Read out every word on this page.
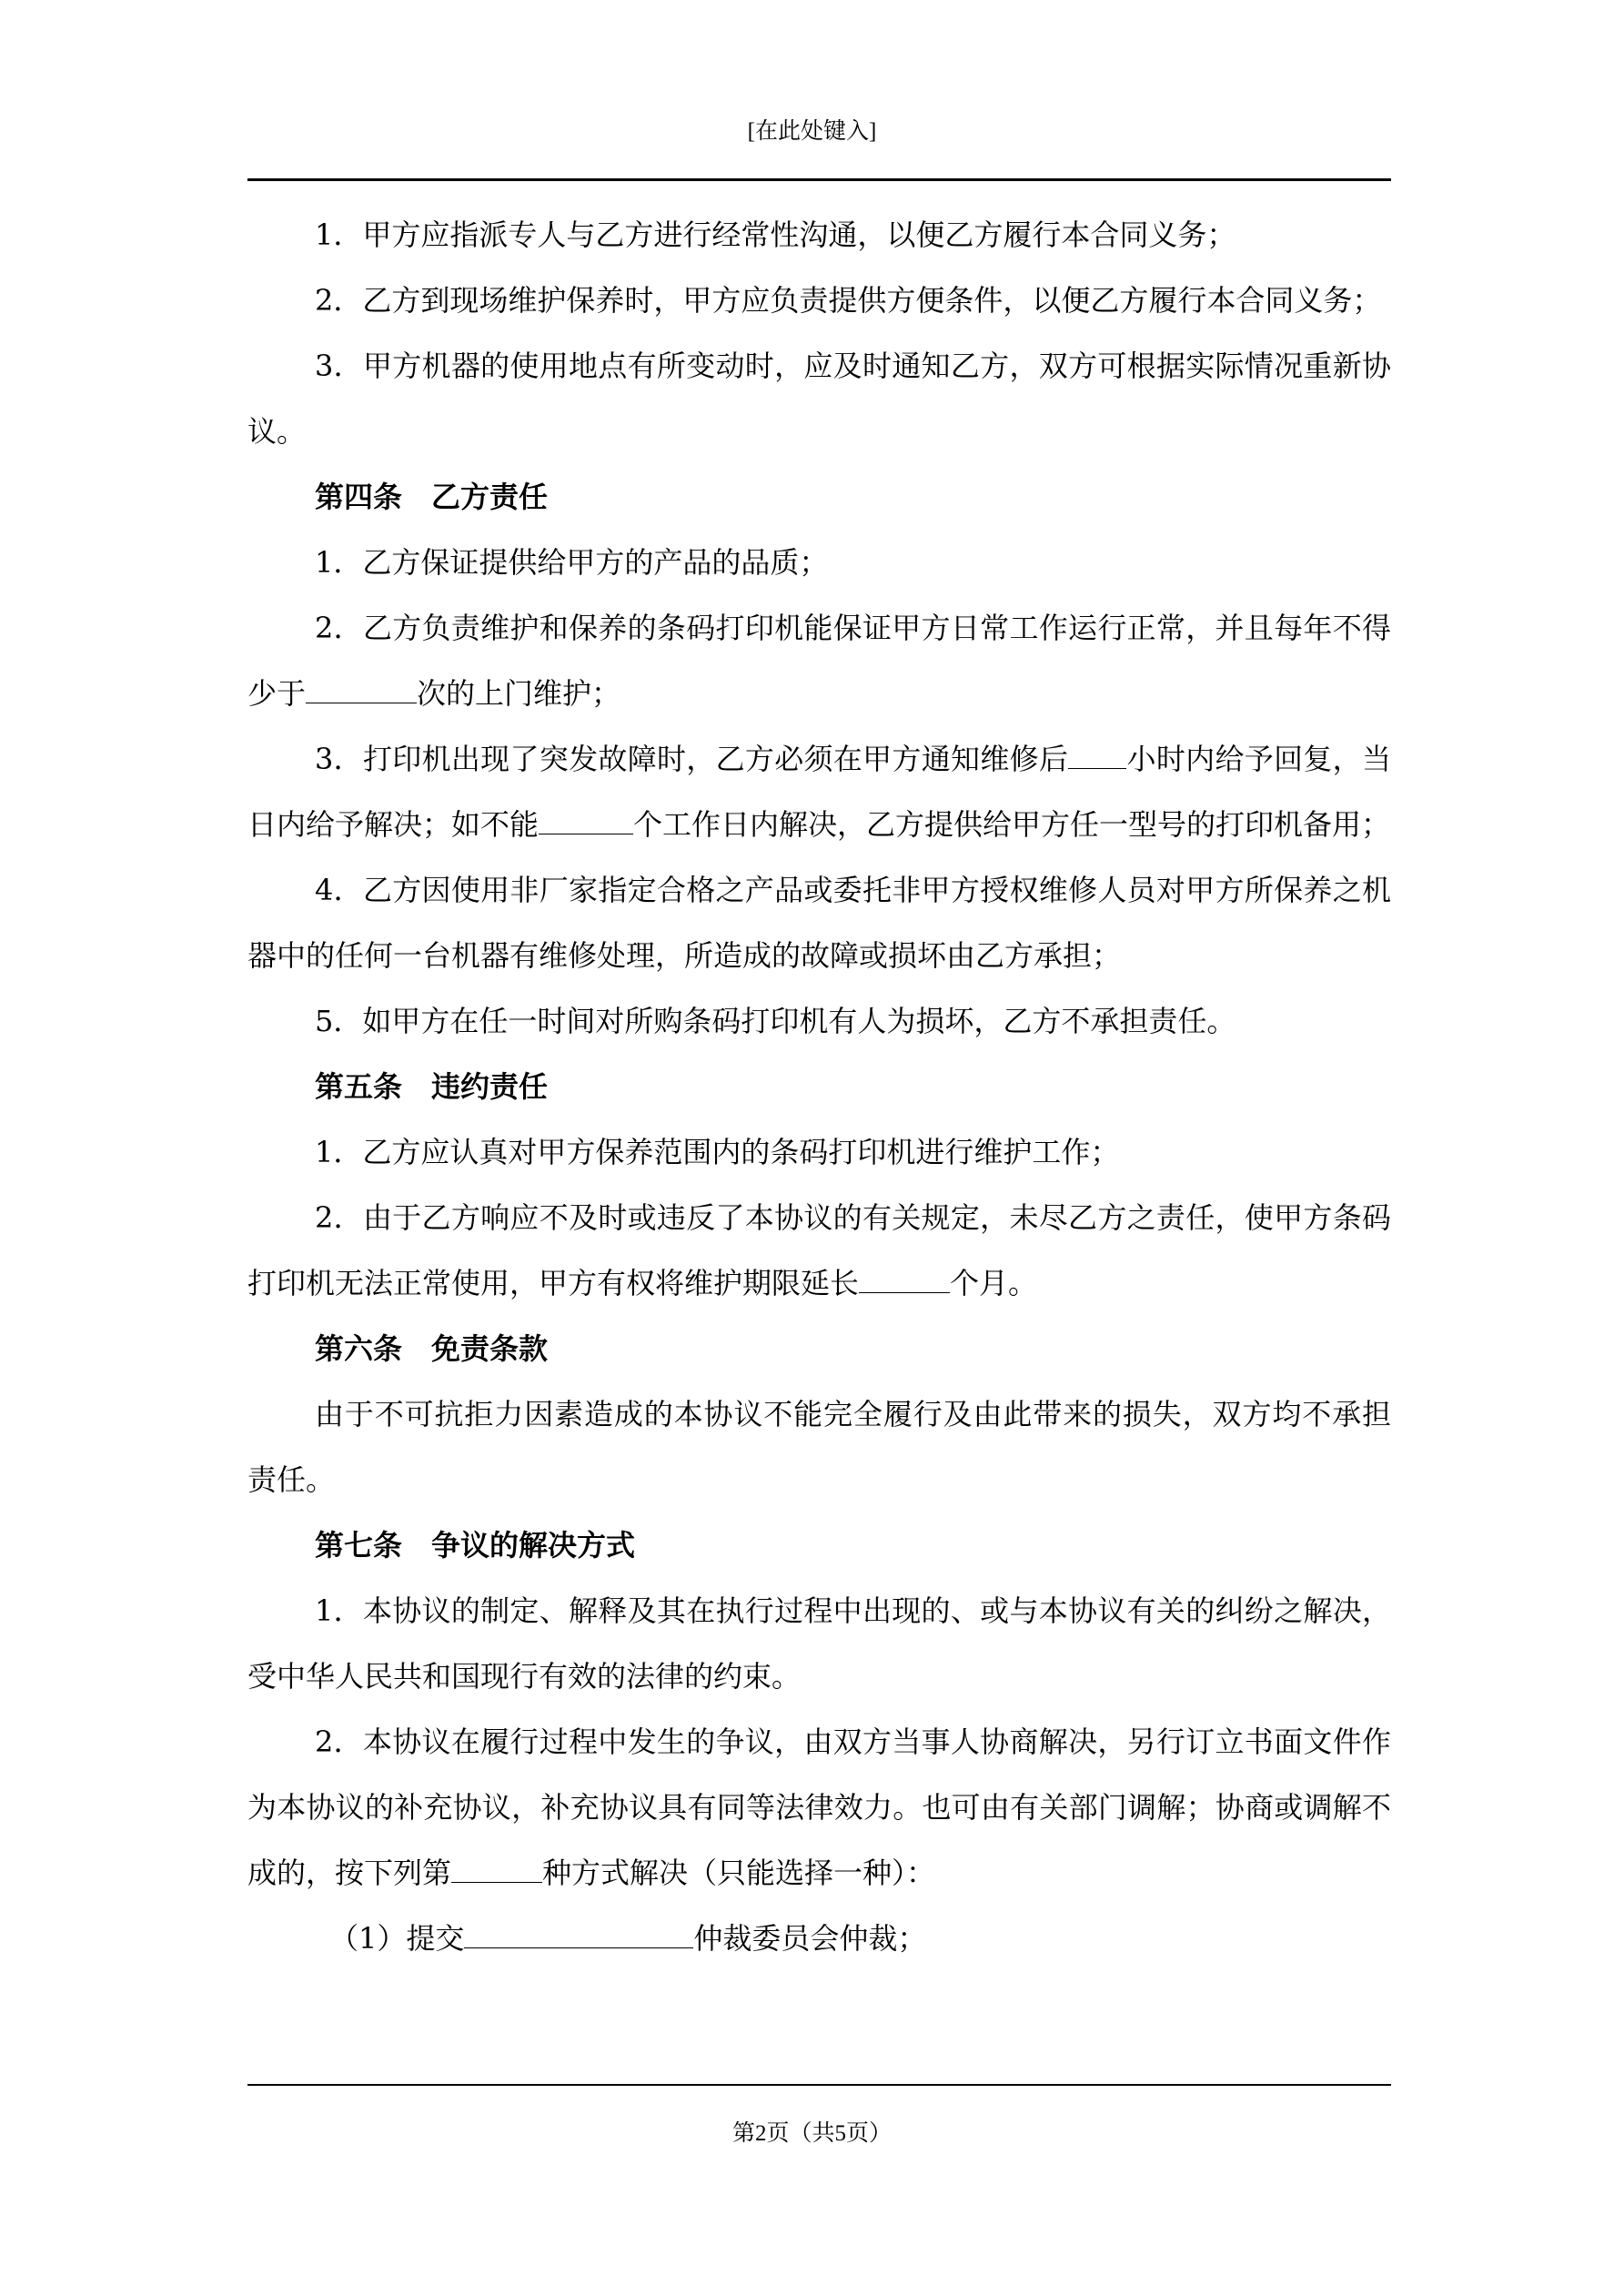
[在此处键入]

1．甲方应指派专人与乙方进行经常性沟通，以便乙方履行本合同义务；

2．乙方到现场维护保养时，甲方应负责提供方便条件，以便乙方履行本合同义务；

3．甲方机器的使用地点有所变动时，应及时通知乙方，双方可根据实际情况重新协议。

第四条　乙方责任

1．乙方保证提供给甲方的产品的品质；

2．乙方负责维护和保养的条码打印机能保证甲方日常工作运行正常，并且每年不得少于	次的上门维护；

3．打印机出现了突发故障时，乙方必须在甲方通知维修后 小时内给予回复，当日内给予解决；如不能	个工作日内解决，乙方提供给甲方任一型号的打印机备用；

4．乙方因使用非厂家指定合格之产品或委托非甲方授权维修人员对甲方所保养之机器中的任何一台机器有维修处理，所造成的故障或损坏由乙方承担；

5．如甲方在任一时间对所购条码打印机有人为损坏，乙方不承担责任。

第五条　违约责任

1．乙方应认真对甲方保养范围内的条码打印机进行维护工作；

2．由于乙方响应不及时或违反了本协议的有关规定，未尽乙方之责任，使甲方条码打印机无法正常使用，甲方有权将维护期限延长	个月。

第六条　免责条款

由于不可抗拒力因素造成的本协议不能完全履行及由此带来的损失，双方均不承担责任。

第七条　争议的解决方式

1．本协议的制定、解释及其在执行过程中出现的、或与本协议有关的纠纷之解决，受中华人民共和国现行有效的法律的约束。

2．本协议在履行过程中发生的争议，由双方当事人协商解决，另行订立书面文件作为本协议的补充协议，补充协议具有同等法律效力。也可由有关部门调解；协商或调解不成的，按下列第	种方式解决（只能选择一种）：

（1）提交	仲裁委员会仲裁；

第2页（共5页）
